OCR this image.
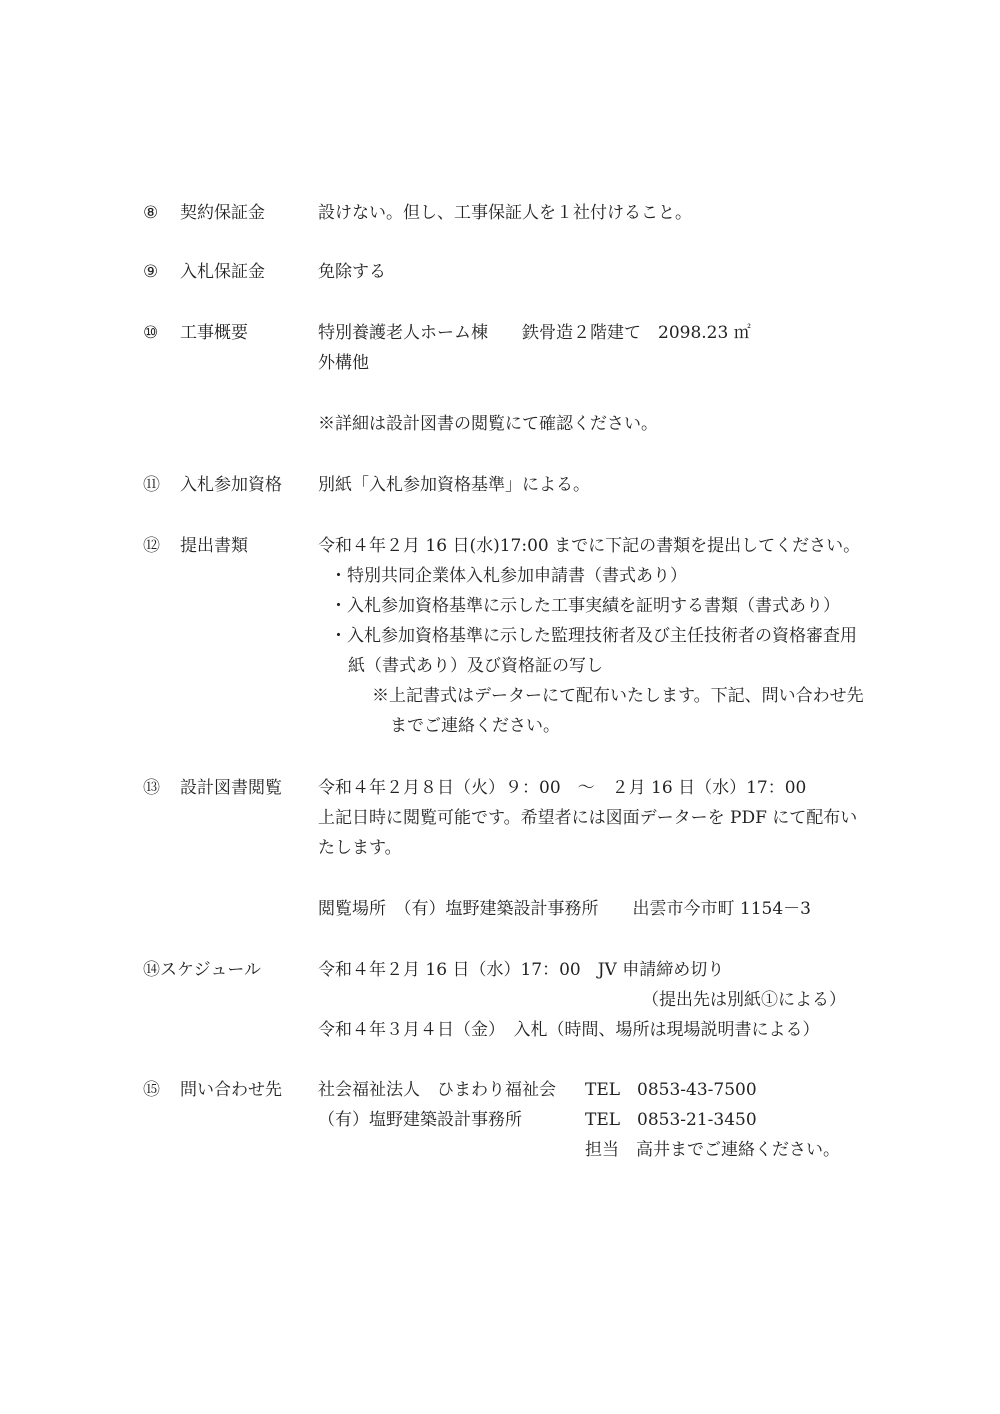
⑧ 契約保証金	設けない。但し、工事保証人を１社付けること。
⑨ 入札保証金	免除する
⑩ 工事概要	特別養護老人ホーム棟　　鉄骨造２階建て　2098.23 ㎡
外構他
※詳細は設計図書の閲覧にて確認ください。
⑪ 入札参加資格 別紙「入札参加資格基準」による。
⑫ 提出書類	令和４年２月 16 日(水)17:00 までに下記の書類を提出してください。
・特別共同企業体入札参加申請書（書式あり）
・入札参加資格基準に示した工事実績を証明する書類（書式あり）
・入札参加資格基準に示した監理技術者及び主任技術者の資格審査用
紙（書式あり）及び資格証の写し
※上記書式はデーターにて配布いたします。下記、問い合わせ先
までご連絡ください。
⑬ 設計図書閲覧 令和４年２月８日（火）９：00　～　２月 16 日（水）17：00
上記日時に閲覧可能です。希望者には図面データーを PDF にて配布い
たします。
閲覧場所　（有）塩野建築設計事務所　　出雲市今市町 1154－3
⑭スケジュール	令和４年２月 16 日（水）17：00　JV 申請締め切り
（提出先は別紙①による）
令和４年３月４日（金）　入札（時間、場所は現場説明書による）
⑮ 問い合わせ先 社会福祉法人　ひまわり福祉会 TEL　0853-43-7500
（有）塩野建築設計事務所	TEL　0853-21-3450
担当　高井までご連絡ください。
